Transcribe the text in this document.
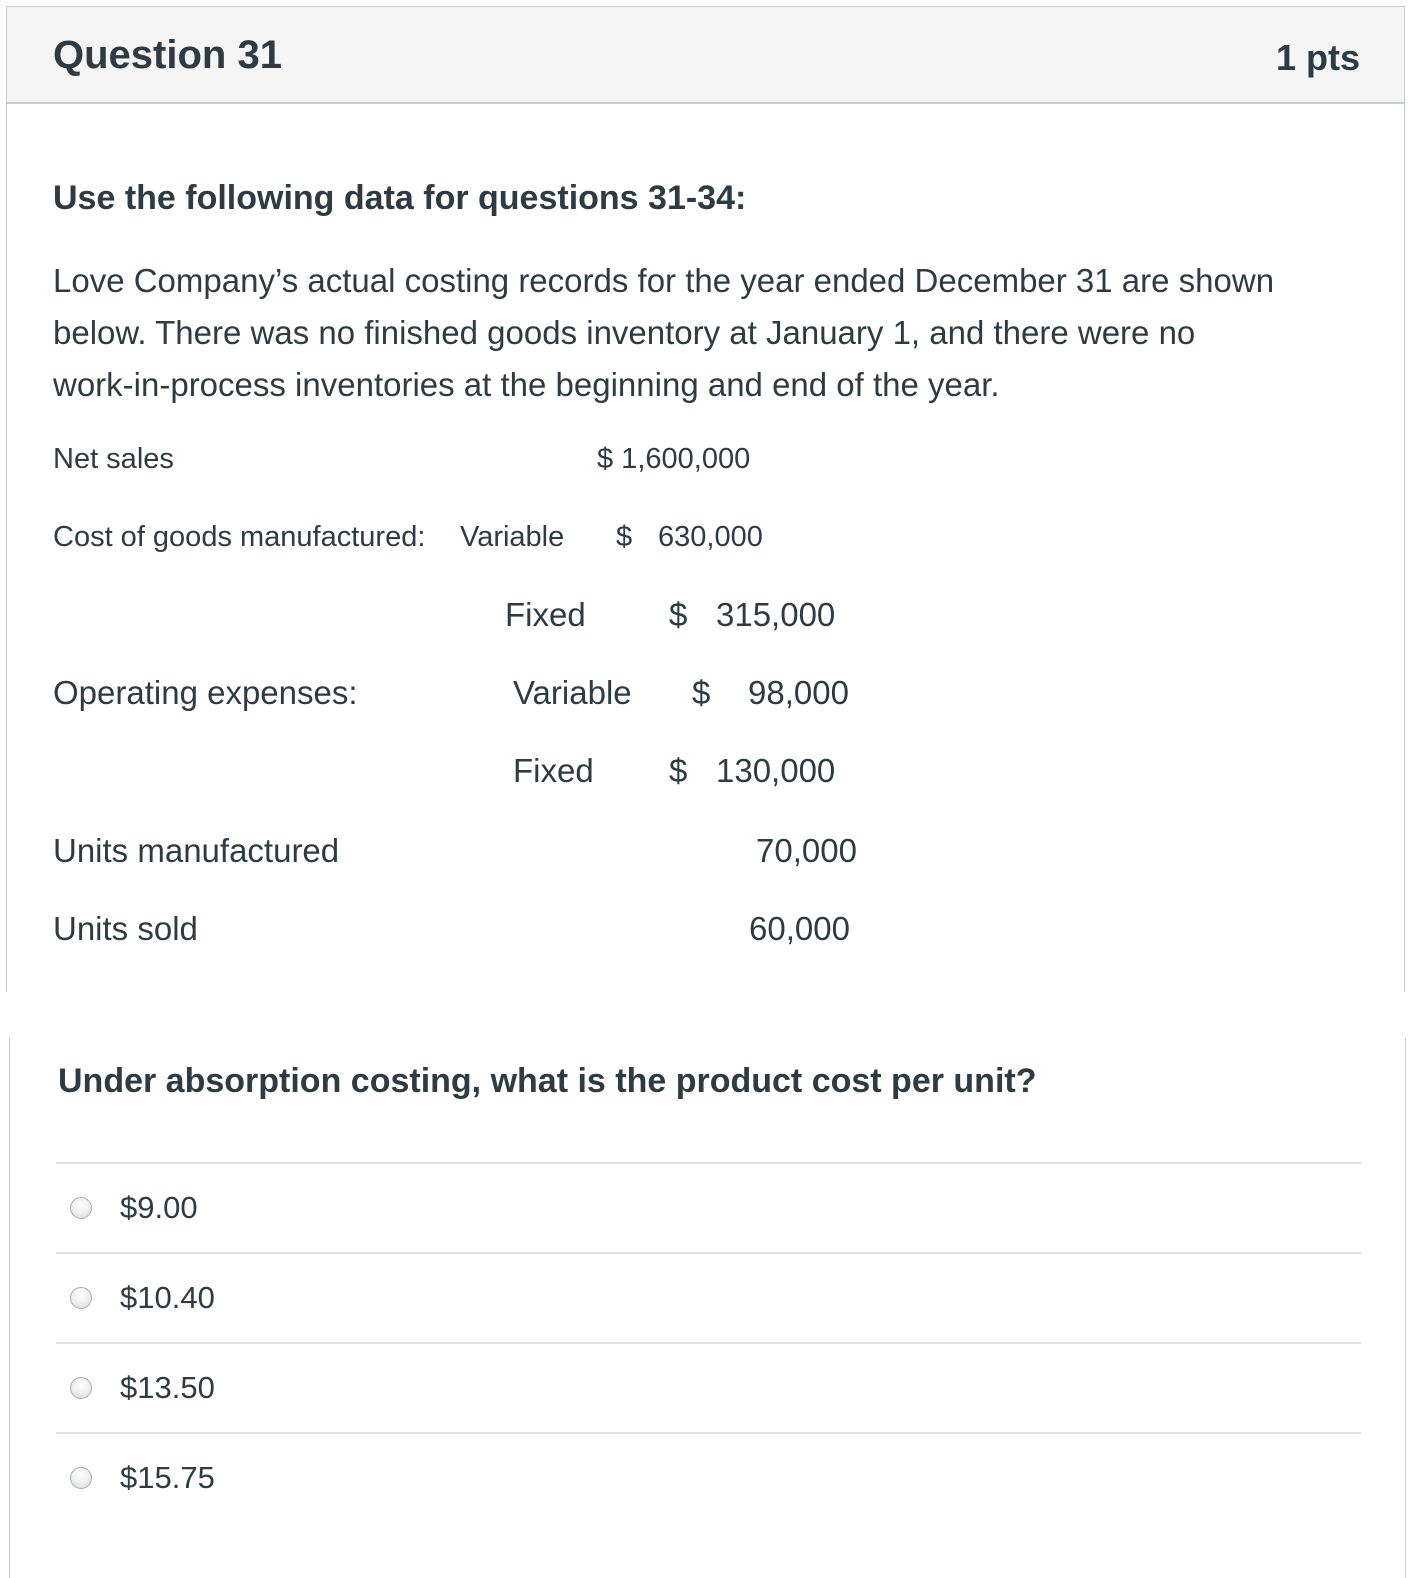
Question 31	1 pts
Use the following data for questions 31-34:
Love Company’s actual costing records for the year ended December 31 are shown
below. There was no finished goods inventory at January 1, and there were no
work-in-process inventories at the beginning and end of the year.
Net sales	$ 1,600,000
Cost of goods manufactured: Variable $ 630,000
Fixed	$ 315,000
Operating expenses:	Variable $ 98,000
Fixed $ 130,000
Units manufactured	70,000
Units sold	60,000
Under absorption costing, what is the product cost per unit?
$9.00
$10.40
$13.50
$15.75
